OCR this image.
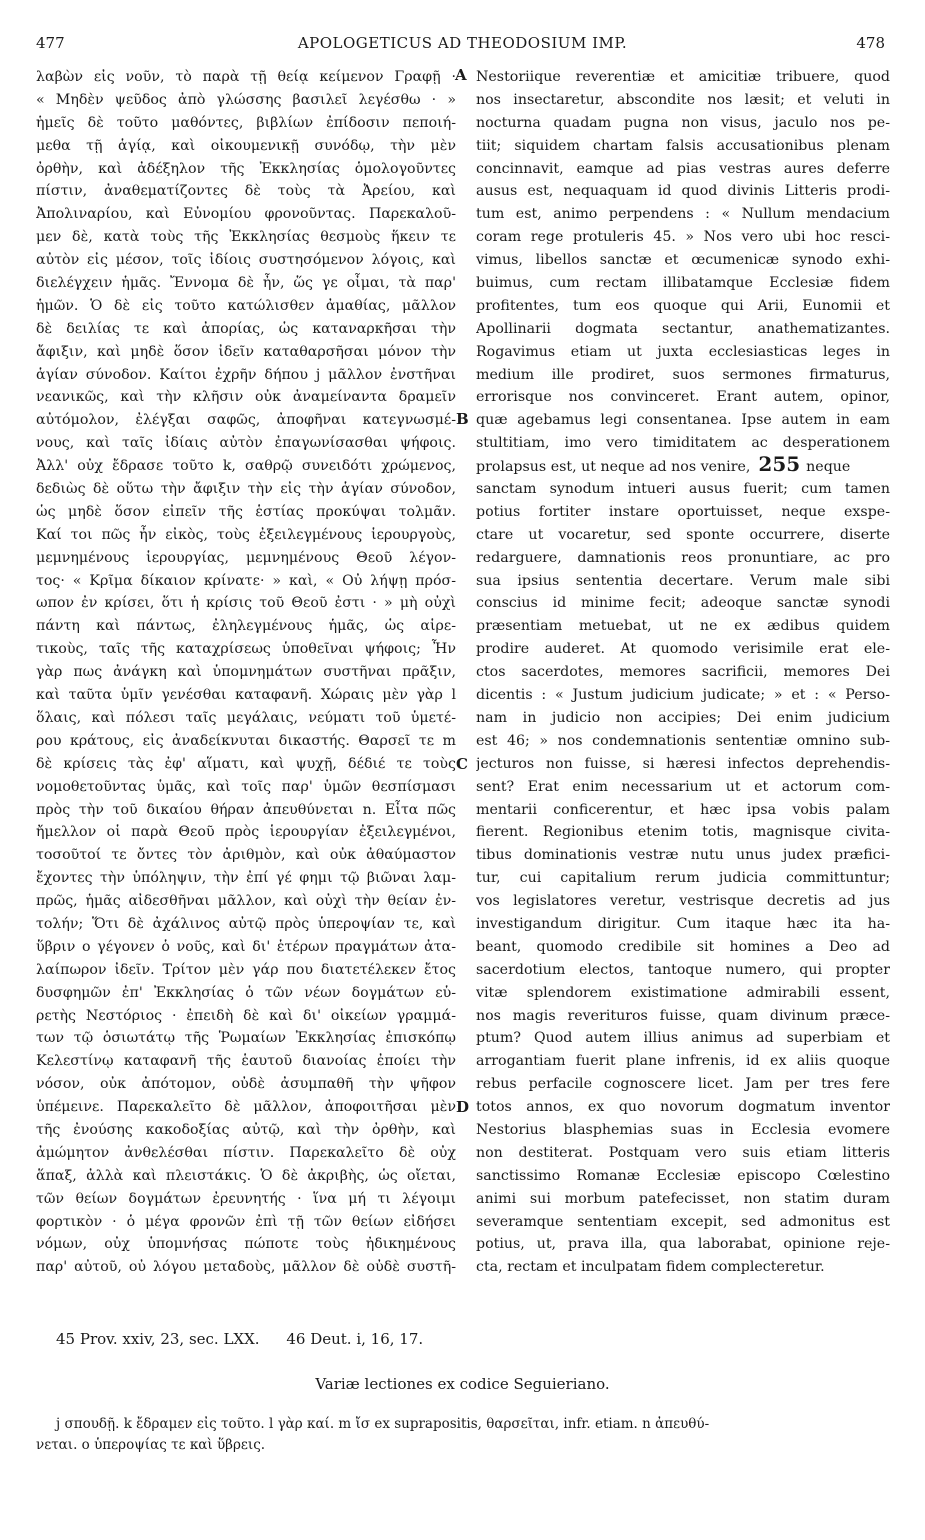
477	APOLOGETICUS AD THEODOSIUM IMP.	478
λαβὼν εἰς νοῦν, τὸ παρὰ τῇ θείᾳ κείμενον Γραφῇ ·
« Μηδὲν ψεῦδος ἀπὸ γλώσσης βασιλεῖ λεγέσθω · »
ἡμεῖς δὲ τοῦτο μαθόντες, βιβλίων ἐπίδοσιν πεποιή-
μεθα τῇ ἁγίᾳ, καὶ οἰκουμενικῇ συνόδῳ, τὴν μὲν
ὀρθὴν, καὶ ἀδέξηλον τῆς Ἐκκλησίας ὁμολογοῦντες
πίστιν, ἀναθεματίζοντες δὲ τοὺς τὰ Ἀρείου, καὶ
Ἀπολιναρίου, καὶ Εὐνομίου φρονοῦντας. Παρεκαλοῦ-
μεν δὲ, κατὰ τοὺς τῆς Ἐκκλησίας θεσμοὺς ἥκειν τε
αὐτὸν εἰς μέσον, τοῖς ἰδίοις συστησόμενον λόγοις, καὶ
διελέγχειν ἡμᾶς. Ἔννομα δὲ ἦν, ὥς γε οἶμαι, τὰ παρ'
ἡμῶν. Ὁ δὲ εἰς τοῦτο κατώλισθεν ἀμαθίας, μᾶλλον
δὲ δειλίας τε καὶ ἀπορίας, ὡς καταναρκῆσαι τὴν
ἄφιξιν, καὶ μηδὲ ὅσον ἰδεῖν καταθαρσῆσαι μόνον τὴν
ἁγίαν σύνοδον. Καίτοι ἐχρῆν δήπου j μᾶλλον ἐνστῆναι
νεανικῶς, καὶ τὴν κλῆσιν οὐκ ἀναμείναντα δραμεῖν
αὐτόμολον, ἐλέγξαι σαφῶς, ἀποφῆναι κατεγνωσμέ-
νους, καὶ ταῖς ἰδίαις αὐτὸν ἐπαγωνίσασθαι ψήφοις.
Ἀλλ' οὐχ ἔδρασε τοῦτο k, σαθρῷ συνειδότι χρώμενος,
δεδιὼς δὲ οὕτω τὴν ἄφιξιν τὴν εἰς τὴν ἁγίαν σύνοδον,
ὡς μηδὲ ὅσον εἰπεῖν τῆς ἑστίας προκύψαι τολμᾶν.
Καί τοι πῶς ἦν εἰκὸς, τοὺς ἐξειλεγμένους ἱερουργοὺς,
μεμνημένους ἱερουργίας, μεμνημένους Θεοῦ λέγον-
τος· « Κρῖμα δίκαιον κρίνατε· » καὶ, « Οὐ λήψῃ πρόσ-
ωπον ἐν κρίσει, ὅτι ἡ κρίσις τοῦ Θεοῦ ἐστι · » μὴ οὐχὶ
πάντη καὶ πάντως, ἐληλεγμένους ἡμᾶς, ὡς αἱρε-
τικοὺς, ταῖς τῆς καταχρίσεως ὑποθεῖναι ψήφοις; Ἦν
γὰρ πως ἀνάγκη καὶ ὑπομνημάτων συστῆναι πρᾶξιν,
καὶ ταῦτα ὑμῖν γενέσθαι καταφανῆ. Χώραις μὲν γὰρ l
ὅλαις, καὶ πόλεσι ταῖς μεγάλαις, νεύματι τοῦ ὑμετέ-
ρου κράτους, εἰς ἀναδείκνυται δικαστής. Θαρσεῖ τε m
δὲ κρίσεις τὰς ἐφ' αἵματι, καὶ ψυχῇ, δέδιέ τε τοὺς
νομοθετοῦντας ὑμᾶς, καὶ τοῖς παρ' ὑμῶν θεσπίσμασι
πρὸς τὴν τοῦ δικαίου θήραν ἀπευθύνεται n. Εἶτα πῶς
ἤμελλον οἱ παρὰ Θεοῦ πρὸς ἱερουργίαν ἐξειλεγμένοι,
τοσοῦτοί τε ὄντες τὸν ἀριθμὸν, καὶ οὐκ ἀθαύμαστον
ἔχοντες τὴν ὑπόληψιν, τὴν ἐπί γέ φημι τῷ βιῶναι λαμ-
πρῶς, ἡμᾶς αἰδεσθῆναι μᾶλλον, καὶ οὐχὶ τὴν θείαν ἐν-
τολήν; Ὅτι δὲ ἀχάλινος αὐτῷ πρὸς ὑπεροψίαν τε, καὶ
ὕβριν o γέγονεν ὁ νοῦς, καὶ δι' ἑτέρων πραγμάτων ἀτα-
λαίπωρον ἰδεῖν. Τρίτον μὲν γάρ που διατετέλεκεν ἔτος
δυσφημῶν ἐπ' Ἐκκλησίας ὁ τῶν νέων δογμάτων εὑ-
ρετὴς Νεστόριος · ἐπειδὴ δὲ καὶ δι' οἰκείων γραμμά-
των τῷ ὁσιωτάτῳ τῆς Ῥωμαίων Ἐκκλησίας ἐπισκόπῳ
Κελεστίνῳ καταφανῆ τῆς ἑαυτοῦ διανοίας ἐποίει τὴν
νόσον, οὐκ ἀπότομον, οὐδὲ ἀσυμπαθῆ τὴν ψῆφον
ὑπέμεινε. Παρεκαλεῖτο δὲ μᾶλλον, ἀποφοιτῆσαι μὲν
τῆς ἐνούσης κακοδοξίας αὐτῷ, καὶ τὴν ὀρθὴν, καὶ
ἀμώμητον ἀνθελέσθαι πίστιν. Παρεκαλεῖτο δὲ οὐχ
ἅπαξ, ἀλλὰ καὶ πλειστάκις. Ὁ δὲ ἀκριβὴς, ὡς οἴεται,
τῶν θείων δογμάτων ἐρευνητής · ἵνα μή τι λέγοιμι
φορτικὸν · ὁ μέγα φρονῶν ἐπὶ τῇ τῶν θείων εἰδήσει
νόμων, οὐχ ὑπομνήσας πώποτε τοὺς ἠδικημένους
παρ' αὐτοῦ, οὐ λόγου μεταδοὺς, μᾶλλον δὲ οὐδὲ συστῆ-
Nestoriique reverentiæ et amicitiæ tribuere, quod
nos insectaretur, abscondite nos læsit; et veluti in
nocturna quadam pugna non visus, jaculo nos pe-
tiit; siquidem chartam falsis accusationibus plenam
concinnavit, eamque ad pias vestras aures deferre
ausus est, nequaquam id quod divinis Litteris prodi-
tum est, animo perpendens : « Nullum mendacium
coram rege protuleris 45. » Nos vero ubi hoc resci-
vimus, libellos sanctæ et œcumenicæ synodo exhi-
buimus, cum rectam illibatamque Ecclesiæ fidem
profitentes, tum eos quoque qui Arii, Eunomii et
Apollinarii dogmata sectantur, anathematizantes.
Rogavimus etiam ut juxta ecclesiasticas leges in
medium ille prodiret, suos sermones firmaturus,
errorisque nos convinceret. Erant autem, opinor,
quæ agebamus legi consentanea. Ipse autem in eam
stultitiam, imo vero timiditatem ac desperationem
prolapsus est, ut neque ad nos venire, 255 neque
sanctam synodum intueri ausus fuerit; cum tamen
potius fortiter instare oportuisset, neque exspe-
ctare ut vocaretur, sed sponte occurrere, diserte
redarguere, damnationis reos pronuntiare, ac pro
sua ipsius sententia decertare. Verum male sibi
conscius id minime fecit; adeoque sanctæ synodi
præsentiam metuebat, ut ne ex ædibus quidem
prodire auderet. At quomodo verisimile erat ele-
ctos sacerdotes, memores sacrificii, memores Dei
dicentis : « Justum judicium judicate; » et : « Perso-
nam in judicio non accipies; Dei enim judicium
est 46; » nos condemnationis sententiæ omnino sub-
jecturos non fuisse, si hæresi infectos deprehendis-
sent? Erat enim necessarium ut et actorum com-
mentarii conficerentur, et hæc ipsa vobis palam
fierent. Regionibus etenim totis, magnisque civita-
tibus dominationis vestræ nutu unus judex præfici-
tur, cui capitalium rerum judicia committuntur;
vos legislatores veretur, vestrisque decretis ad jus
investigandum dirigitur. Cum itaque hæc ita ha-
beant, quomodo credibile sit homines a Deo ad
sacerdotium electos, tantoque numero, qui propter
vitæ splendorem existimatione admirabili essent,
nos magis reverituros fuisse, quam divinum præce-
ptum? Quod autem illius animus ad superbiam et
arrogantiam fuerit plane infrenis, id ex aliis quoque
rebus perfacile cognoscere licet. Jam per tres fere
totos annos, ex quo novorum dogmatum inventor
Nestorius blasphemias suas in Ecclesia evomere
non destiterat. Postquam vero suis etiam litteris
sanctissimo Romanæ Ecclesiæ episcopo Cœlestino
animi sui morbum patefecisset, non statim duram
severamque sententiam excepit, sed admonitus est
potius, ut, prava illa, qua laborabat, opinione reje-
cta, rectam et inculpatam fidem complecteretur.
A
B
C
D
45 Prov. xxiv, 23, sec. LXX. 46 Deut. i, 16, 17.
Variæ lectiones ex codice Seguieriano.
j σπουδῇ. k ἔδραμεν εἰς τοῦτο. l γὰρ καί. m ἴσ ex suprapositis, θαρσεῖται, infr. etiam. n ἀπευθύ-
νεται. o ὑπεροψίας τε καὶ ὕβρεις.
